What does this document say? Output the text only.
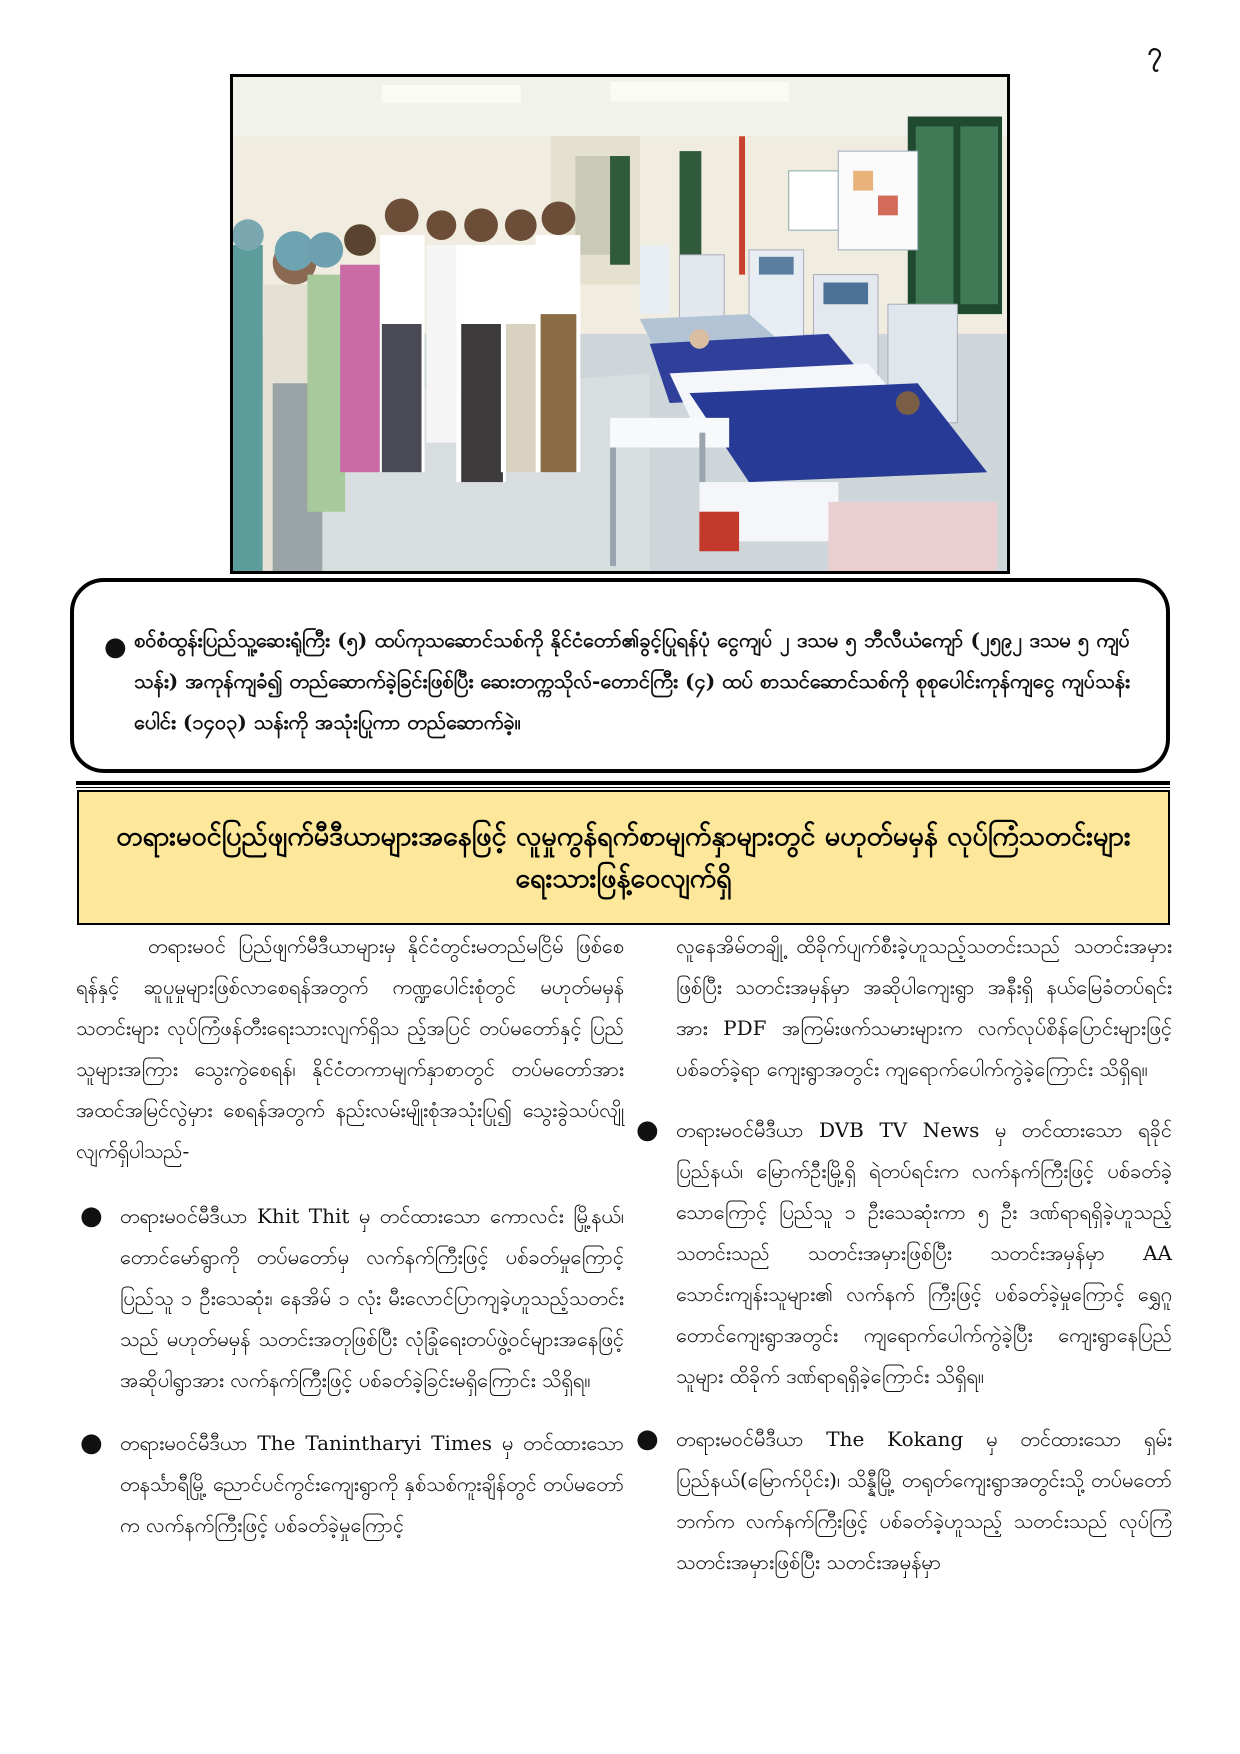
၇
● စဝ်စံထွန်းပြည်သူ့ဆေးရုံကြီး (၅) ထပ်ကုသဆောင်သစ်ကို နိုင်ငံတော်၏ခွင့်ပြုရန်ပုံ ငွေကျပ် ၂ ဒသမ ၅ ဘီလီယံကျော် (၂၅၉၂ ဒသမ ၅ ကျပ်သန်း) အကုန်ကျခံ၍ တည်ဆောက်ခဲ့ခြင်းဖြစ်ပြီး ဆေးတက္ကသိုလ်-တောင်ကြီး (၄) ထပ် စာသင်ဆောင်သစ်ကို စုစုပေါင်းကုန်ကျငွေ ကျပ်သန်းပေါင်း (၁၄၀၃) သန်းကို အသုံးပြုကာ တည်ဆောက်ခဲ့။

တရားမဝင်ပြည်ဖျက်မီဒီယာများအနေဖြင့် လူမှုကွန်ရက်စာမျက်နှာများတွင် မဟုတ်မမှန် လုပ်ကြံသတင်းများ ရေးသားဖြန့်ဝေလျက်ရှိ

တရားမဝင် ပြည်ဖျက်မီဒီယာများမှ နိုင်ငံတွင်းမတည်မငြိမ် ဖြစ်စေရန်နှင့် ဆူပူမှုများဖြစ်လာစေရန်အတွက် ကဏ္ဍပေါင်းစုံတွင် မဟုတ်မမှန်သတင်းများ လုပ်ကြံဖန်တီးရေးသားလျက်ရှိသ ည့်အပြင် တပ်မတော်နှင့် ပြည်သူများအကြား သွေးကွဲစေရန်၊ နိုင်ငံတကာမျက်နှာစာတွင် တပ်မတော်အား အထင်အမြင်လွဲမှား စေရန်အတွက် နည်းလမ်းမျိုးစုံအသုံးပြု၍ သွေးခွဲသပ်လျို လျက်ရှိပါသည်-

● တရားမဝင်မီဒီယာ Khit Thit မှ တင်ထားသော ကောလင်း မြို့နယ်၊ တောင်မော်ရွာကို တပ်မတော်မှ လက်နက်ကြီးဖြင့် ပစ်ခတ်မှုကြောင့် ပြည်သူ ၁ ဦးသေဆုံး၊ နေအိမ် ၁ လုံး မီးလောင်ပြာကျခဲ့ဟူသည့်သတင်းသည် မဟုတ်မမှန် သတင်းအတုဖြစ်ပြီး လုံခြုံရေးတပ်ဖွဲ့ဝင်များအနေဖြင့် အဆိုပါရွာအား လက်နက်ကြီးဖြင့် ပစ်ခတ်ခဲ့ခြင်းမရှိကြောင်း သိရှိရ။

● တရားမဝင်မီဒီယာ The Tanintharyi Times မှ တင်ထားသော တနင်္သာရီမြို့ ညောင်ပင်ကွင်းကျေးရွာကို နှစ်သစ်ကူးချိန်တွင် တပ်မတော်က လက်နက်ကြီးဖြင့် ပစ်ခတ်ခဲ့မှုကြောင့်

လူနေအိမ်တချို့ ထိခိုက်ပျက်စီးခဲ့ဟူသည့်သတင်းသည် သတင်းအမှားဖြစ်ပြီး သတင်းအမှန်မှာ အဆိုပါကျေးရွာ အနီးရှိ နယ်မြေခံတပ်ရင်းအား PDF အကြမ်းဖက်သမားများက လက်လုပ်စိန်ပြောင်းများဖြင့် ပစ်ခတ်ခဲ့ရာ ကျေးရွာအတွင်း ကျရောက်ပေါက်ကွဲခဲ့ကြောင်း သိရှိရ။

● တရားမဝင်မီဒီယာ DVB TV News မှ တင်ထားသော ရခိုင် ပြည်နယ်၊ မြောက်ဦးမြို့ရှိ ရဲတပ်ရင်းက လက်နက်ကြီးဖြင့် ပစ်ခတ်ခဲ့သောကြောင့် ပြည်သူ ၁ ဦးသေဆုံးကာ ၅ ဦး ဒဏ်ရာရရှိခဲ့ဟူသည့်သတင်းသည် သတင်းအမှားဖြစ်ပြီး သတင်းအမှန်မှာ AA သောင်းကျန်းသူများ၏ လက်နက် ကြီးဖြင့် ပစ်ခတ်ခဲ့မှုကြောင့် ရွှေဂူတောင်ကျေးရွာအတွင်း ကျရောက်ပေါက်ကွဲခဲ့ပြီး ကျေးရွာနေပြည်သူများ ထိခိုက် ဒဏ်ရာရရှိခဲ့ကြောင်း သိရှိရ။

● တရားမဝင်မီဒီယာ The Kokang မှ တင်ထားသော ရှမ်း ပြည်နယ်(မြောက်ပိုင်း)၊ သိန္နီမြို့ တရုတ်ကျေးရွာအတွင်းသို့ တပ်မတော်ဘက်က လက်နက်ကြီးဖြင့် ပစ်ခတ်ခဲ့ဟူသည့် သတင်းသည် လုပ်ကြံသတင်းအမှားဖြစ်ပြီး သတင်းအမှန်မှာ
